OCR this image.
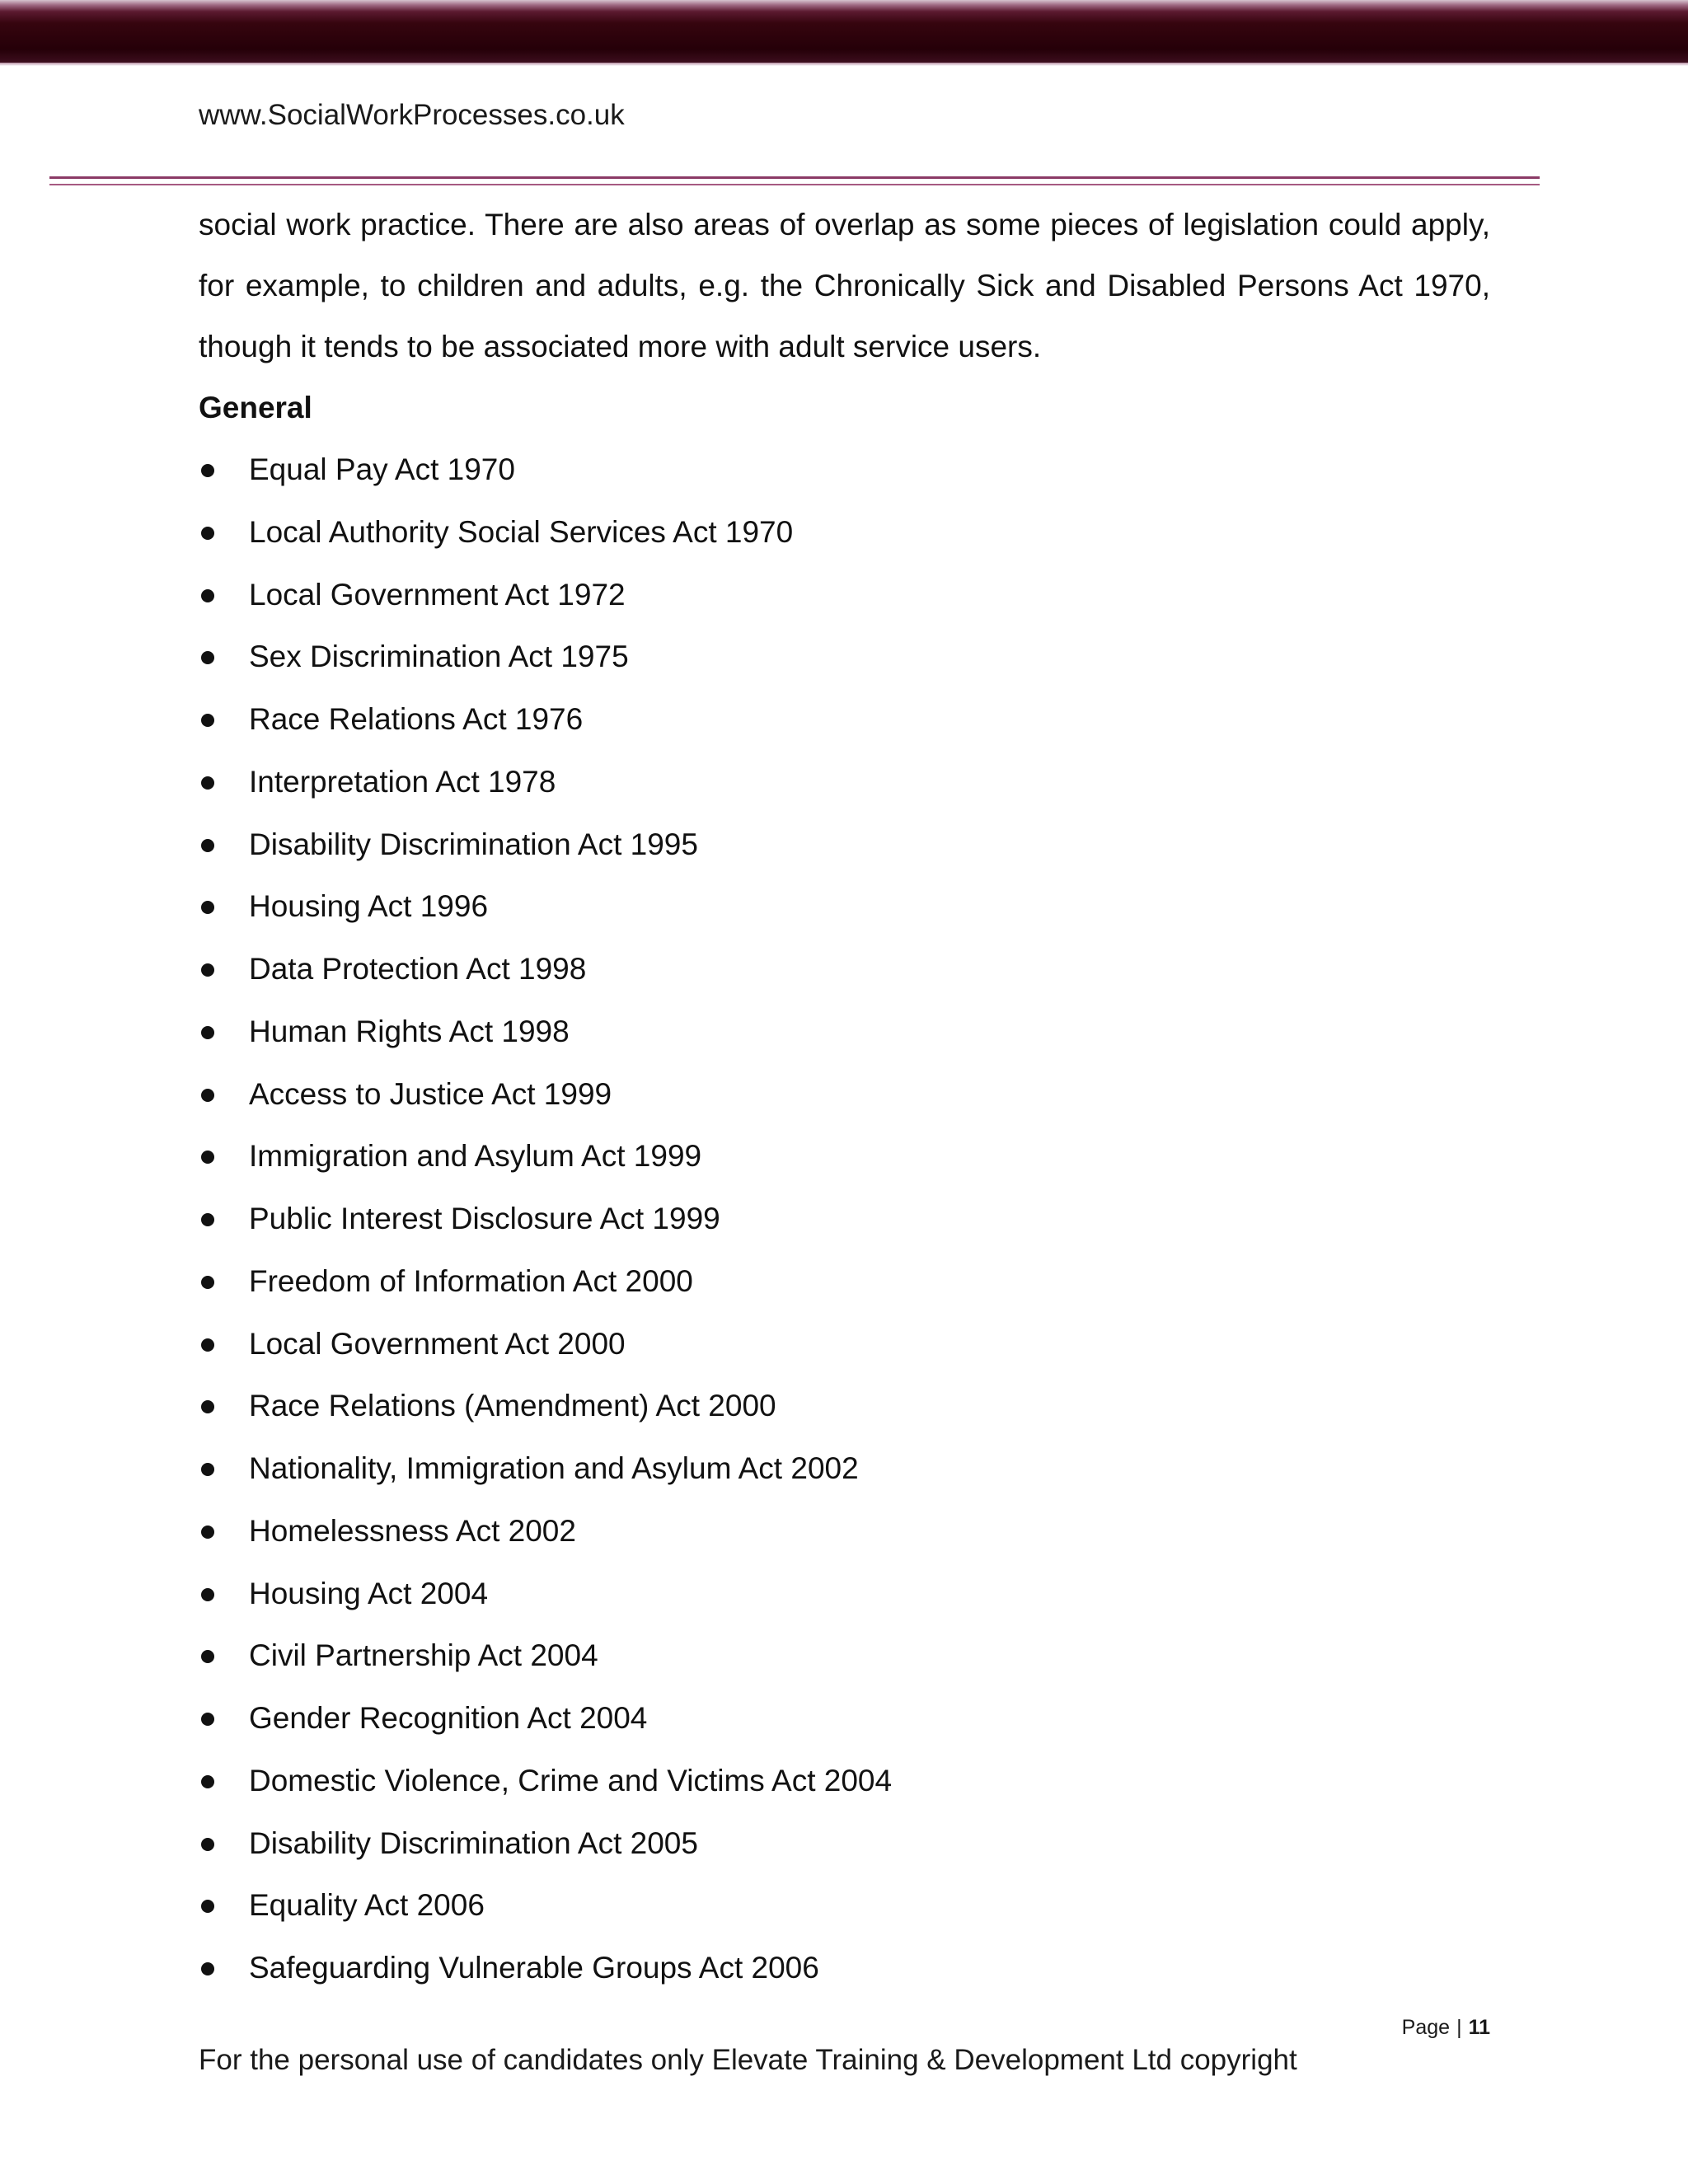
www.SocialWorkProcesses.co.uk

social work practice. There are also areas of overlap as some pieces of legislation could apply, for example, to children and adults, e.g. the Chronically Sick and Disabled Persons Act 1970, though it tends to be associated more with adult service users.

General

Equal Pay Act 1970
Local Authority Social Services Act 1970
Local Government Act 1972
Sex Discrimination Act 1975
Race Relations Act 1976
Interpretation Act 1978
Disability Discrimination Act 1995
Housing Act 1996
Data Protection Act 1998
Human Rights Act 1998
Access to Justice Act 1999
Immigration and Asylum Act 1999
Public Interest Disclosure Act 1999
Freedom of Information Act 2000
Local Government Act 2000
Race Relations (Amendment) Act 2000
Nationality, Immigration and Asylum Act 2002
Homelessness Act 2002
Housing Act 2004
Civil Partnership Act 2004
Gender Recognition Act 2004
Domestic Violence, Crime and Victims Act 2004
Disability Discrimination Act 2005
Equality Act 2006
Safeguarding Vulnerable Groups Act 2006
Page | 11
For the personal use of candidates only Elevate Training & Development Ltd copyright
